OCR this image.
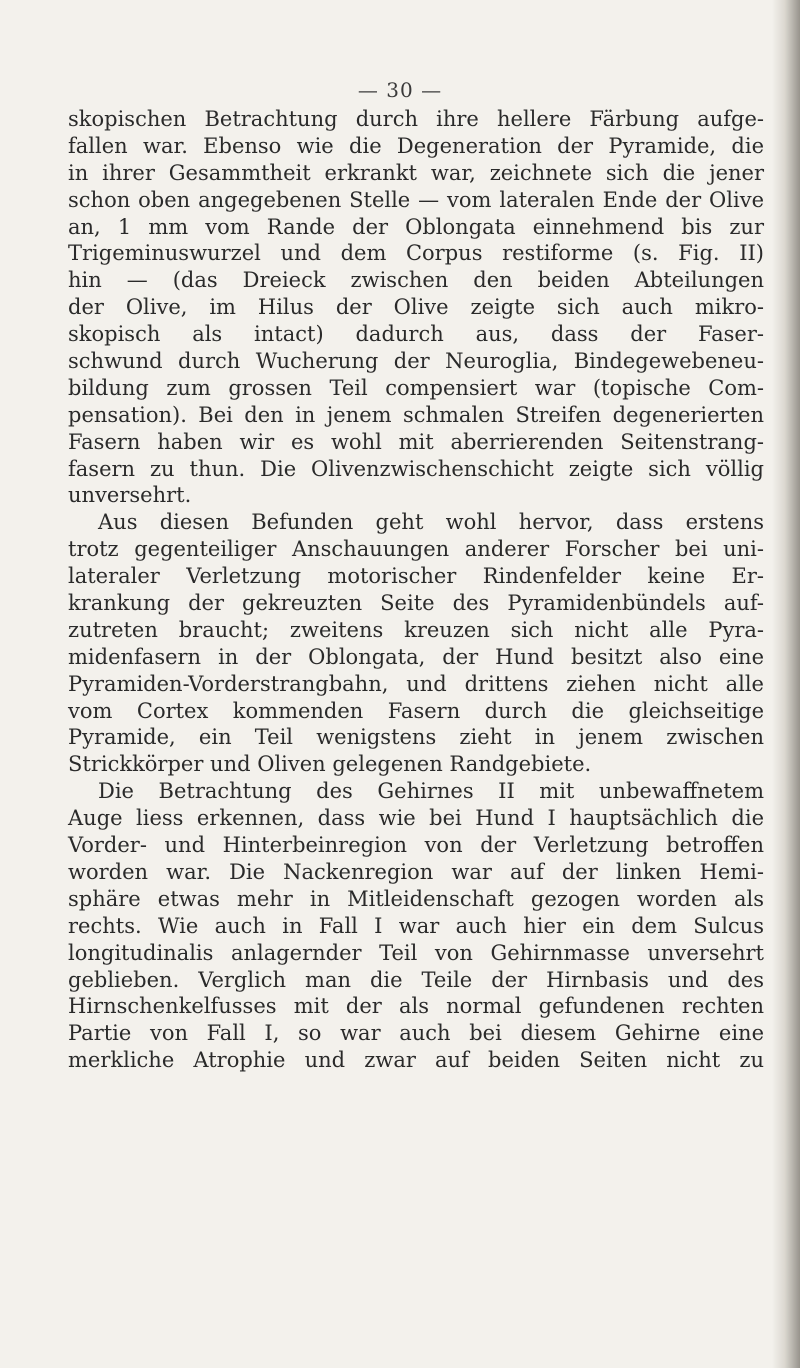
— 30 —
skopischen Betrachtung durch ihre hellere Färbung aufge-
fallen war. Ebenso wie die Degeneration der Pyramide, die
in ihrer Gesammtheit erkrankt war, zeichnete sich die jener
schon oben angegebenen Stelle — vom lateralen Ende der Olive
an, 1 mm vom Rande der Oblongata einnehmend bis zur
Trigeminuswurzel und dem Corpus restiforme (s. Fig. II)
hin — (das Dreieck zwischen den beiden Abteilungen
der Olive, im Hilus der Olive zeigte sich auch mikro-
skopisch als intact) dadurch aus, dass der Faser-
schwund durch Wucherung der Neuroglia, Bindegewebeneu-
bildung zum grossen Teil compensiert war (topische Com-
pensation). Bei den in jenem schmalen Streifen degenerierten
Fasern haben wir es wohl mit aberrierenden Seitenstrang-
fasern zu thun. Die Olivenzwischenschicht zeigte sich völlig
unversehrt.
Aus diesen Befunden geht wohl hervor, dass erstens
trotz gegenteiliger Anschauungen anderer Forscher bei uni-
lateraler Verletzung motorischer Rindenfelder keine Er-
krankung der gekreuzten Seite des Pyramidenbündels auf-
zutreten braucht; zweitens kreuzen sich nicht alle Pyra-
midenfasern in der Oblongata, der Hund besitzt also eine
Pyramiden-Vorderstrangbahn, und drittens ziehen nicht alle
vom Cortex kommenden Fasern durch die gleichseitige
Pyramide, ein Teil wenigstens zieht in jenem zwischen
Strickkörper und Oliven gelegenen Randgebiete.
Die Betrachtung des Gehirnes II mit unbewaffnetem
Auge liess erkennen, dass wie bei Hund I hauptsächlich die
Vorder- und Hinterbeinregion von der Verletzung betroffen
worden war. Die Nackenregion war auf der linken Hemi-
sphäre etwas mehr in Mitleidenschaft gezogen worden als
rechts. Wie auch in Fall I war auch hier ein dem Sulcus
longitudinalis anlagernder Teil von Gehirnmasse unversehrt
geblieben. Verglich man die Teile der Hirnbasis und des
Hirnschenkelfusses mit der als normal gefundenen rechten
Partie von Fall I, so war auch bei diesem Gehirne eine
merkliche Atrophie und zwar auf beiden Seiten nicht zu
